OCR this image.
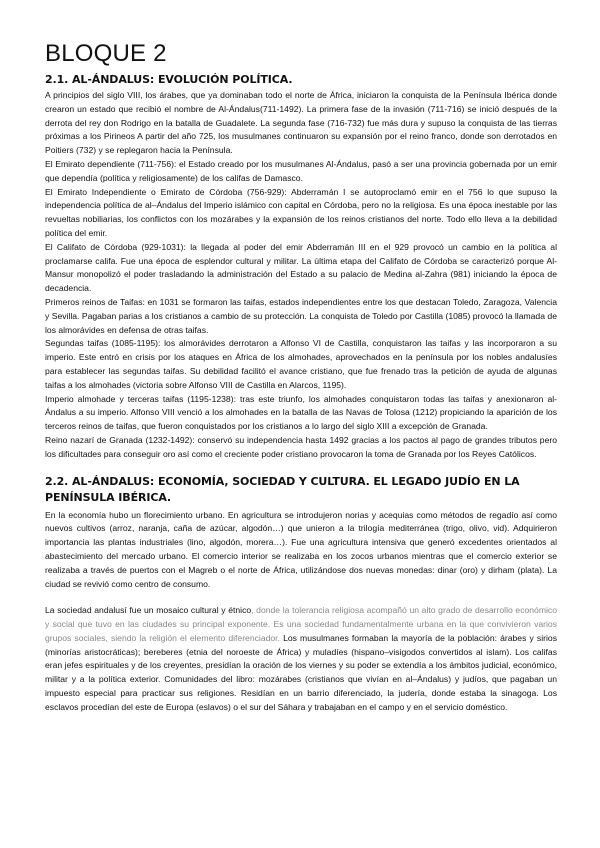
BLOQUE 2
2.1. AL-ÁNDALUS: EVOLUCIÓN POLÍTICA.

A principios del siglo VIII, los árabes, que ya dominaban todo el norte de África, iniciaron la conquista de la Península Ibérica donde crearon un estado que recibió el nombre de Al-Ándalus(711-1492). La primera fase de la invasión (711-716) se inició después de la derrota del rey don Rodrigo en la batalla de Guadalete. La segunda fase (716-732) fue más dura y supuso la conquista de las tierras próximas a los Pirineos A partir del año 725, los musulmanes continuaron su expansión por el reino franco, donde son derrotados en Poitiers (732) y se replegaron hacia la Península.

El Emirato dependiente (711-756): el Estado creado por los musulmanes Al-Ándalus, pasó a ser una provincia gobernada por un emir que dependía (política y religiosamente) de los califas de Damasco.

El Emirato Independiente o Emirato de Córdoba (756-929): Abderramán I se autoproclamó emir en el 756 lo que supuso la independencia política de al–Ándalus del Imperio islámico con capital en Córdoba, pero no la religiosa. Es una época inestable por las revueltas nobiliarias, los conflictos con los mozárabes y la expansión de los reinos cristianos del norte. Todo ello lleva a la debilidad política del emir.

El Califato de Córdoba (929-1031): la llegada al poder del emir Abderramán III en el 929 provocó un cambio en la política al proclamarse califa. Fue una época de esplendor cultural y militar. La última etapa del Califato de Córdoba se caracterizó porque Al-Mansur monopolizó el poder trasladando la administración del Estado a su palacio de Medina al-Zahra (981) iniciando la época de decadencia.

Primeros reinos de Taifas: en 1031 se formaron las taifas, estados independientes entre los que destacan Toledo, Zaragoza, Valencia y Sevilla. Pagaban parias a los cristianos a cambio de su protección. La conquista de Toledo por Castilla (1085) provocó la llamada de los almorávides en defensa de otras taifas.

Segundas taifas (1085-1195): los almorávides derrotaron a Alfonso VI de Castilla, conquistaron las taifas y las incorporaron a su imperio. Este entró en crisis por los ataques en África de los almohades, aprovechados en la península por los nobles andalusíes para establecer las segundas taifas. Su debilidad facilitó el avance cristiano, que fue frenado tras la petición de ayuda de algunas taifas a los almohades (victoria sobre Alfonso VIII de Castilla en Alarcos, 1195).

Imperio almohade y terceras taifas (1195-1238): tras este triunfo, los almohades conquistaron todas las taifas y anexionaron al-Ándalus a su imperio. Alfonso VIII venció a los almohades en la batalla de las Navas de Tolosa (1212) propiciando la aparición de los terceros reinos de taifas, que fueron conquistados por los cristianos a lo largo del siglo XIII a excepción de Granada.

Reino nazarí de Granada (1232-1492): conservó su independencia hasta 1492 gracias a los pactos al pago de grandes tributos pero los dificultades para conseguir oro así como el creciente poder cristiano provocaron la toma de Granada por los Reyes Católicos.

2.2. AL-ÁNDALUS: ECONOMÍA, SOCIEDAD Y CULTURA. EL LEGADO JUDÍO EN LA PENÍNSULA IBÉRICA.

En la economía hubo un florecimiento urbano. En agricultura se introdujeron norias y acequias como métodos de regadío así como nuevos cultivos (arroz, naranja, caña de azúcar, algodón…) que unieron a la trilogía mediterránea (trigo, olivo, vid). Adquirieron importancia las plantas industriales (lino, algodón, morera…). Fue una agricultura intensiva que generó excedentes orientados al abastecimiento del mercado urbano. El comercio interior se realizaba en los zocos urbanos mientras que el comercio exterior se realizaba a través de puertos con el Magreb o el norte de África, utilizándose dos nuevas monedas: dinar (oro) y dirham (plata). La ciudad se revivió como centro de consumo.

La sociedad andalusí fue un mosaico cultural y étnico, donde la tolerancia religiosa acompañó un alto grado de desarrollo económico y social que tuvo en las ciudades su principal exponente. Es una sociedad fundamentalmente urbana en la que convivieron varios grupos sociales, siendo la religión el elemento diferenciador. Los musulmanes formaban la mayoría de la población: árabes y sirios (minorías aristocráticas); bereberes (etnia del noroeste de África) y muladíes (hispano–visigodos convertidos al islam). Los califas eran jefes espirituales y de los creyentes, presidían la oración de los viernes y su poder se extendía a los ámbitos judicial, económico, militar y a la política exterior. Comunidades del libro: mozárabes (cristianos que vivían en al–Ándalus) y judíos, que pagaban un impuesto especial para practicar sus religiones. Residían en un barrio diferenciado, la judería, donde estaba la sinagoga. Los esclavos procedían del este de Europa (eslavos) o el sur del Sáhara y trabajaban en el campo y en el servicio doméstico.
